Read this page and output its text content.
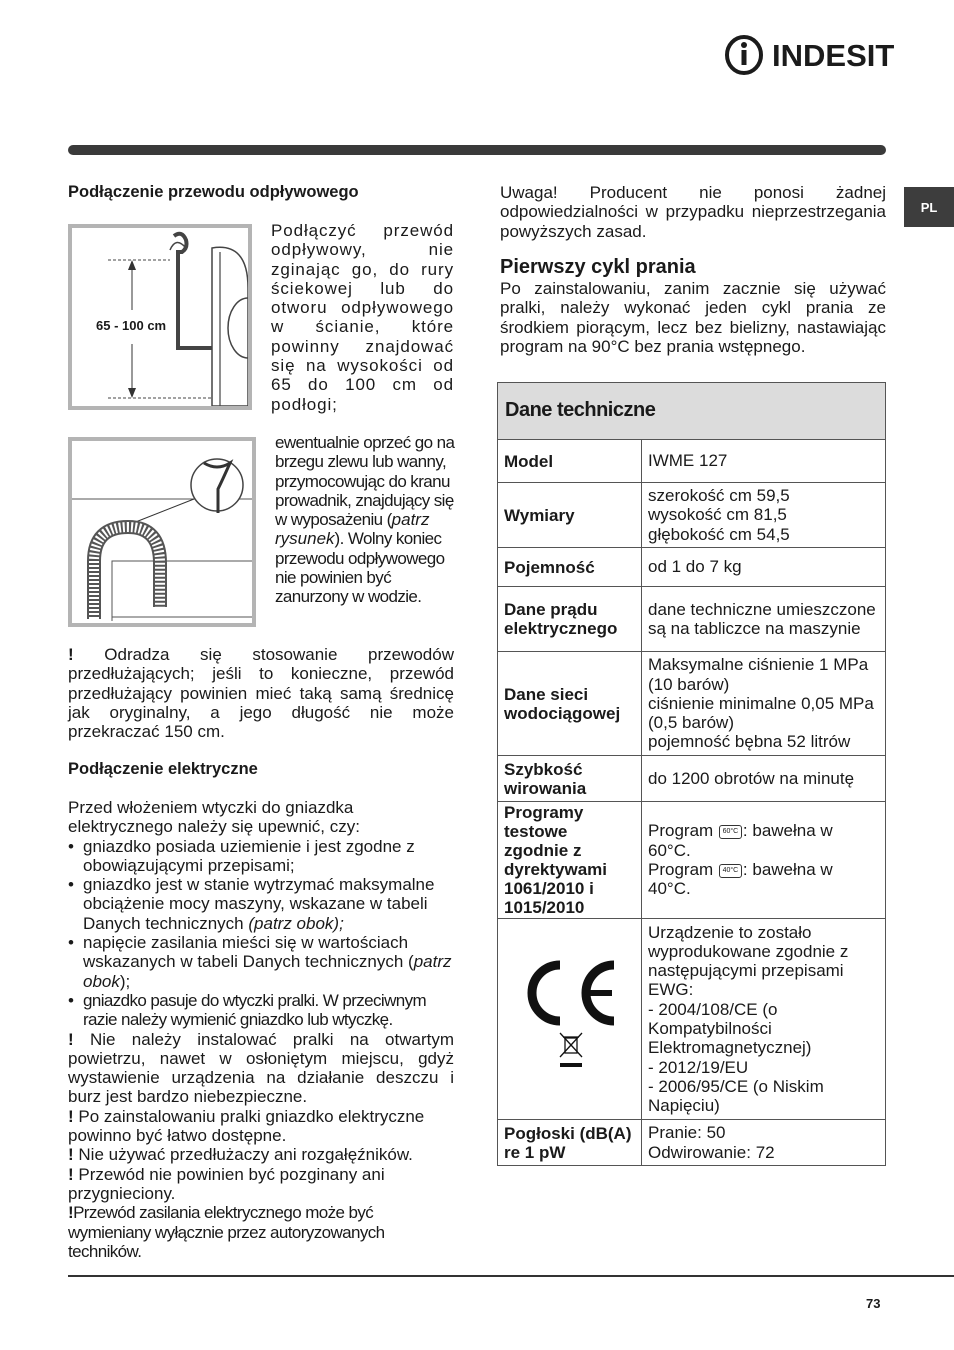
INDESIT
PL
Podłączenie przewodu odpływowego
65 - 100 cm
Podłączyć przewód odpływowy, nie zginając go, do rury ściekowej lub do otworu odpływowego w ścianie, które powinny znajdować się na wysokości od 65 do 100 cm od podłogi;
ewentualnie oprzeć go na brzegu zlewu lub wanny, przymocowując do kranu prowadnik, znajdujący się w wyposażeniu (patrz rysunek). Wolny koniec przewodu odpływowego nie powinien być zanurzony w wodzie.
! Odradza się stosowanie przewodów przedłużających; jeśli to konieczne, przewód przedłużający powinien mieć taką samą średnicę jak oryginalny, a jego długość nie może przekraczać 150 cm.
Podłączenie elektryczne
Przed włożeniem wtyczki do gniazdka elektrycznego należy się upewnić, czy:
• gniazdko posiada uziemienie i jest zgodne z obowiązującymi przepisami;
• gniazdko jest w stanie wytrzymać maksymalne obciążenie mocy maszyny, wskazane w tabeli Danych technicznych (patrz obok);
• napięcie zasilania mieści się w wartościach wskazanych w tabeli Danych technicznych (patrz obok);
• gniazdko pasuje do wtyczki pralki. W przeciwnym razie należy wymienić gniazdko lub wtyczkę.
! Nie należy instalować pralki na otwartym powietrzu, nawet w osłoniętym miejscu, gdyż wystawienie urządzenia na działanie deszczu i burz jest bardzo niebezpieczne.
! Po zainstalowaniu pralki gniazdko elektryczne powinno być łatwo dostępne.
! Nie używać przedłużaczy ani rozgałęźników.
! Przewód nie powinien być pozginany ani przygnieciony.
!Przewód zasilania elektrycznego może być wymieniany wyłącznie przez autoryzowanych techników.
Uwaga! Producent nie ponosi żadnej odpowiedzialności w przypadku nieprzestrzegania powyższych zasad.
Pierwszy cykl prania
Po zainstalowaniu, zanim zacznie się używać pralki, należy wykonać jeden cykl prania ze środkiem piorącym, lecz bez bielizny, nastawiając program na 90°C bez prania wstępnego.
Dane techniczne	
Model	IWME 127
Wymiary	szerokość cm 59,5
wysokość cm 81,5
głębokość cm 54,5

Pojemność	od 1 do 7 kg
Dane prądu elektrycznego	dane techniczne umieszczone są na tabliczce na maszynie
Dane sieci wodociągowej	Maksymalne ciśnienie 1 MPa (10 barów)
ciśnienie minimalne 0,05 MPa (0,5 barów)
pojemność bębna 52 litrów

Szybkość wirowania	do 1200 obrotów na minutę
Programy testowe zgodnie z dyrektywami 1061/2010 i 1015/2010	Program 60°C : bawełna w 60°C.
Program 40°C : bawełna w 40°C.

Urządzenie to zostało wyprodukowane zgodnie z następującymi przepisami EWG:
- 2004/108/CE (o Kompatybilności Elektromagnetycznej)
- 2012/19/EU
- 2006/95/CE (o Niskim Napięciu)

Pogłoski (dB(A) re 1 pW	Pranie: 50
Odwirowanie: 72
73
